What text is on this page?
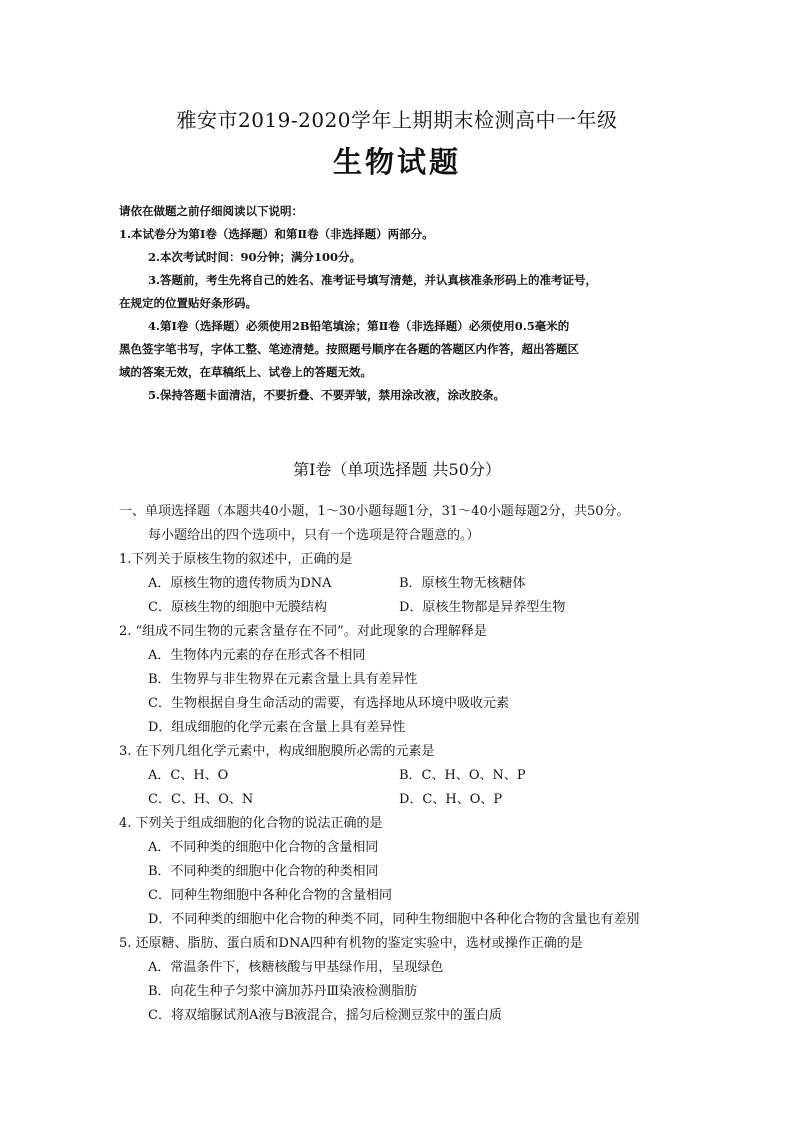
雅安市2019-2020学年上期期末检测高中一年级
生物试题
请依在做题之前仔细阅读以下说明：
1.本试卷分为第Ⅰ卷（选择题）和第Ⅱ卷（非选择题）两部分。
2.本次考试时间：90分钟；满分100分。
3.答题前，考生先将自己的姓名、准考证号填写清楚，并认真核准条形码上的准考证号，
在规定的位置贴好条形码。
4.第Ⅰ卷（选择题）必须使用2B铅笔填涂；第Ⅱ卷（非选择题）必须使用0.5毫米的
黑色签字笔书写，字体工整、笔迹清楚。按照题号顺序在各题的答题区内作答，超出答题区
域的答案无效，在草稿纸上、试卷上的答题无效。
5.保持答题卡面清洁，不要折叠、不要弄皱，禁用涂改液，涂改胶条。
第Ⅰ卷（单项选择题 共50分）
一、单项选择题（本题共40小题，1～30小题每题1分，31～40小题每题2分，共50分。
每小题给出的四个选项中，只有一个选项是符合题意的。）
1.下列关于原核生物的叙述中，正确的是
A．原核生物的遗传物质为DNA	B．原核生物无核糖体
C．原核生物的细胞中无膜结构	D．原核生物都是异养型生物
2. “组成不同生物的元素含量存在不同”。对此现象的合理解释是
A．生物体内元素的存在形式各不相同
B．生物界与非生物界在元素含量上具有差异性
C．生物根据自身生命活动的需要，有选择地从环境中吸收元素
D．组成细胞的化学元素在含量上具有差异性
3. 在下列几组化学元素中，构成细胞膜所必需的元素是
A．C、H、O	B．C、H、O、N、P
C．C、H、O、N	D．C、H、O、P
4. 下列关于组成细胞的化合物的说法正确的是
A．不同种类的细胞中化合物的含量相同
B．不同种类的细胞中化合物的种类相同
C．同种生物细胞中各种化合物的含量相同
D．不同种类的细胞中化合物的种类不同，同种生物细胞中各种化合物的含量也有差别
5. 还原糖、脂肪、蛋白质和DNA四种有机物的鉴定实验中，选材或操作正确的是
A．常温条件下，核糖核酸与甲基绿作用，呈现绿色
B．向花生种子匀浆中滴加苏丹Ⅲ染液检测脂肪
C．将双缩脲试剂A液与B液混合，摇匀后检测豆浆中的蛋白质
